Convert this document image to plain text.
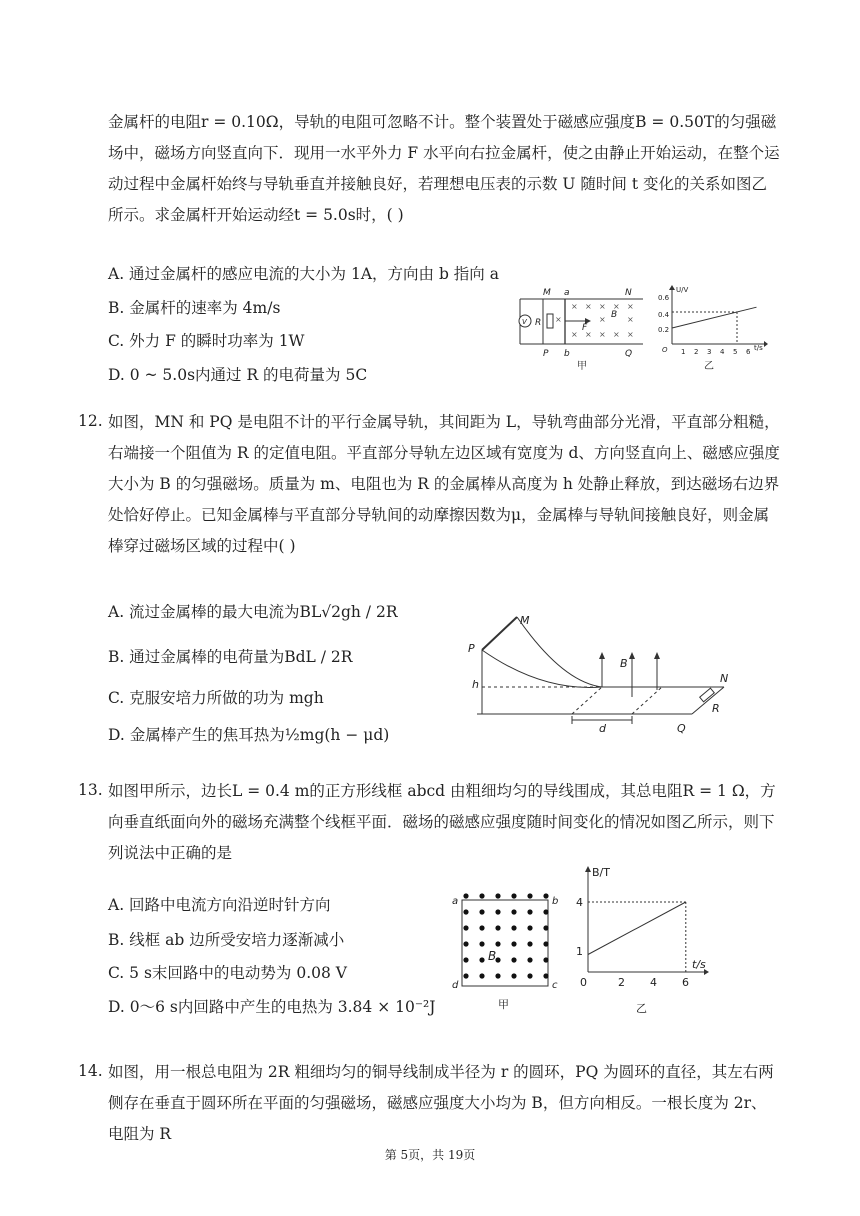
金属杆的电阻r = 0.10Ω，导轨的电阻可忽略不计。整个装置处于磁感应强度B = 0.50T的匀强磁场中，磁场方向竖直向下．现用一水平外力 F 水平向右拉金属杆，使之由静止开始运动，在整个运动过程中金属杆始终与导轨垂直并接触良好，若理想电压表的示数 U 随时间 t 变化的关系如图乙所示。求金属杆开始运动经t = 5.0s时，( )
A. 通过金属杆的感应电流的大小为 1A，方向由 b 指向 a
B. 金属杆的速率为 4m/s
C. 外力 F 的瞬时功率为 1W
D. 0 ~ 5.0s内通过 R 的电荷量为 5C
× × × × ×
×	×	×
× × × × ×
M a	N
R
V
B
F
P b	Q
甲
U/V
0.6
0.4
0.2
O 1 2 3 4 5 6 t/s
乙
12. 如图，MN 和 PQ 是电阻不计的平行金属导轨，其间距为 L，导轨弯曲部分光滑，平直部分粗糙，右端接一个阻值为 R 的定值电阻。平直部分导轨左边区域有宽度为 d、方向竖直向上、磁感应强度大小为 B 的匀强磁场。质量为 m、电阻也为 R 的金属棒从高度为 h 处静止释放，到达磁场右边界处恰好停止。已知金属棒与平直部分导轨间的动摩擦因数为μ，金属棒与导轨间接触良好，则金属棒穿过磁场区域的过程中( )
A. 流过金属棒的最大电流为BL√2gh / 2R
B. 通过金属棒的电荷量为BdL / 2R
C. 克服安培力所做的功为 mgh
D. 金属棒产生的焦耳热为½mg(h − μd)
M
P
h
B
N
R
Q
d
13. 如图甲所示，边长L = 0.4 m的正方形线框 abcd 由粗细均匀的导线围成，其总电阻R = 1 Ω，方向垂直纸面向外的磁场充满整个线框平面．磁场的磁感应强度随时间变化的情况如图乙所示，则下列说法中正确的是
A. 回路中电流方向沿逆时针方向
B. 线框 ab 边所受安培力逐渐减小
C. 5 s末回路中的电动势为 0.08 V
D. 0～6 s内回路中产生的电热为 3.84 × 10⁻²J
a	b
d	c
B
甲
B/T
4
1
0	2 4 6
t/s
乙
14. 如图，用一根总电阻为 2R 粗细均匀的铜导线制成半径为 r 的圆环，PQ 为圆环的直径，其左右两侧存在垂直于圆环所在平面的匀强磁场，磁感应强度大小均为 B，但方向相反。一根长度为 2r、电阻为 R
第 5页，共 19页
